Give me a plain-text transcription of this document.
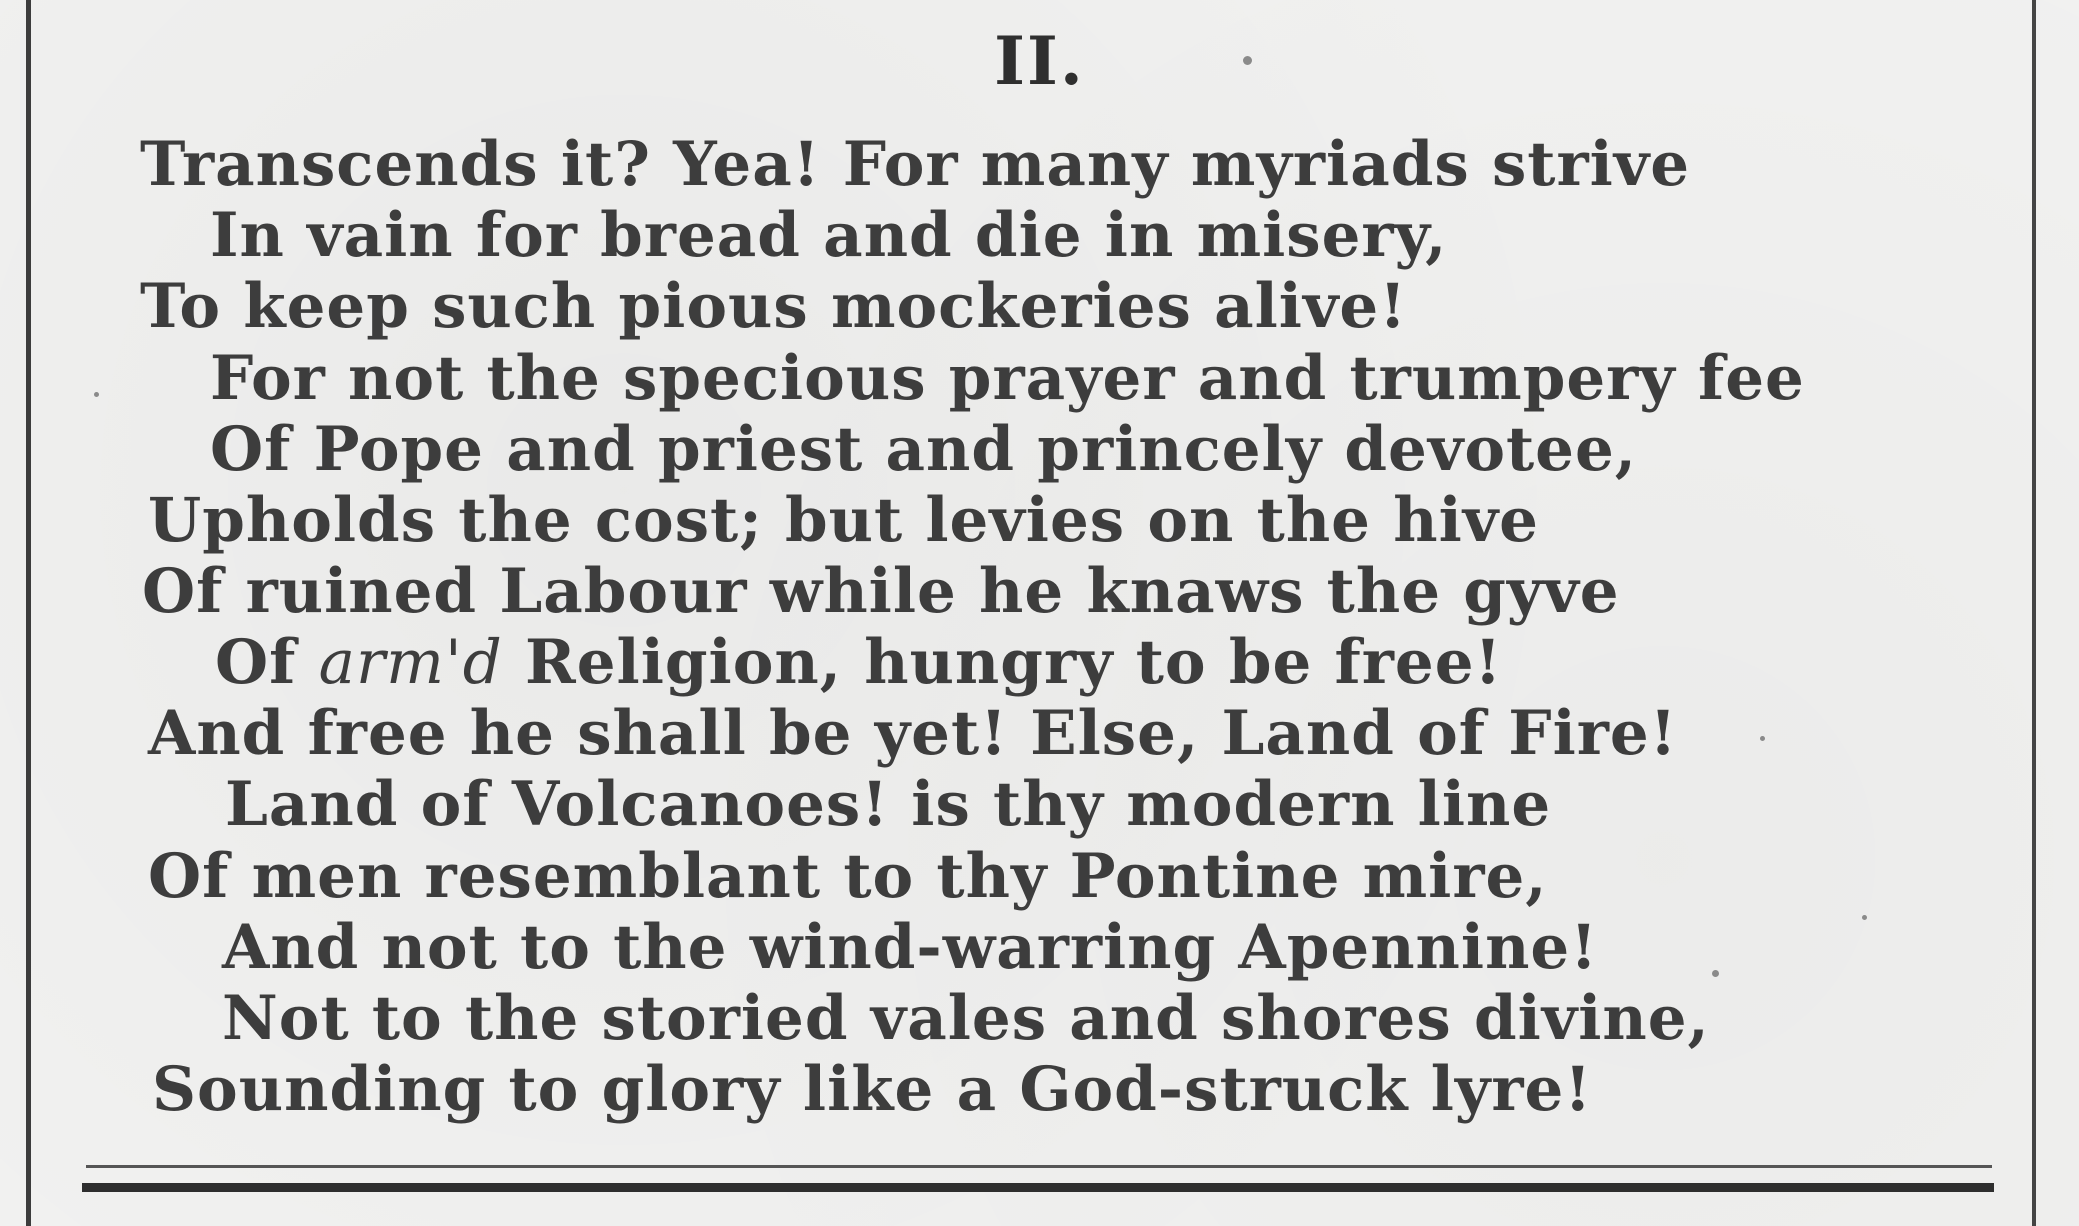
II.
Transcends it? Yea! For many myriads strive
In vain for bread and die in misery,
To keep such pious mockeries alive!
For not the specious prayer and trumpery fee
Of Pope and priest and princely devotee,
Upholds the cost; but levies on the hive
Of ruined Labour while he knaws the gyve
Of arm'd Religion, hungry to be free!
And free he shall be yet! Else, Land of Fire!
Land of Volcanoes! is thy modern line
Of men resemblant to thy Pontine mire,
And not to the wind-warring Apennine!
Not to the storied vales and shores divine,
Sounding to glory like a God-struck lyre!
